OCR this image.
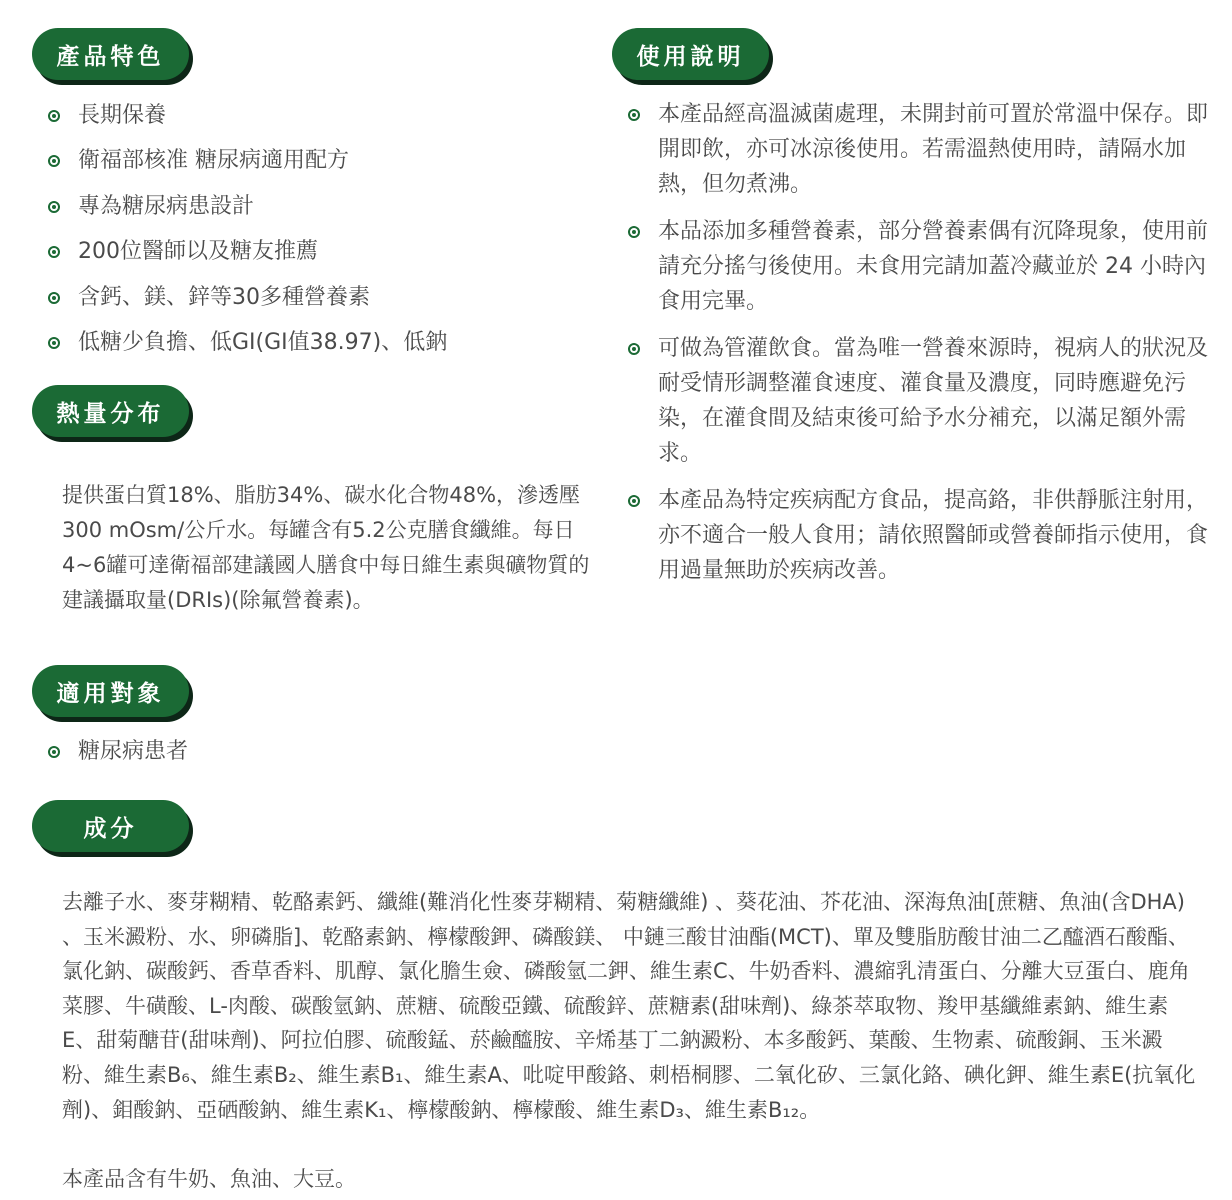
產品特色
長期保養
衛福部核准 糖尿病適用配方
專為糖尿病患設計
200位醫師以及糖友推薦
含鈣、鎂、鋅等30多種營養素
低糖少負擔、低GI(GI值38.97)、低鈉
使用說明
本產品經高溫滅菌處理，未開封前可置於常溫中保存。即開即飲，亦可冰涼後使用。若需溫熱使用時，請隔水加熱，但勿煮沸。
本品添加多種營養素，部分營養素偶有沉降現象，使用前請充分搖勻後使用。未食用完請加蓋冷藏並於 24 小時內食用完畢。
可做為管灌飲食。當為唯一營養來源時，視病人的狀況及耐受情形調整灌食速度、灌食量及濃度，同時應避免污染，在灌食間及結束後可給予水分補充，以滿足額外需求。
本產品為特定疾病配方食品，提高鉻，非供靜脈注射用，亦不適合一般人食用；請依照醫師或營養師指示使用，食用過量無助於疾病改善。
熱量分布

提供蛋白質18%、脂肪34%、碳水化合物48%，滲透壓300 mOsm/公斤水。每罐含有5.2公克膳食纖維。每日4~6罐可達衛福部建議國人膳食中每日維生素與礦物質的建議攝取量(DRIs)(除氟營養素)。

適用對象
糖尿病患者
成分

去離子水、麥芽糊精、乾酪素鈣、纖維(難消化性麥芽糊精、菊糖纖維) 、葵花油、芥花油、深海魚油[蔗糖、魚油(含DHA) 、玉米澱粉、水、卵磷脂]、乾酪素鈉、檸檬酸鉀、磷酸鎂、 中鏈三酸甘油酯(MCT)、單及雙脂肪酸甘油二乙醯酒石酸酯、氯化鈉、碳酸鈣、香草香料、肌醇、氯化膽生僉、磷酸氫二鉀、維生素C、牛奶香料、濃縮乳清蛋白、分離大豆蛋白、鹿角菜膠、牛磺酸、L-肉酸、碳酸氫鈉、蔗糖、硫酸亞鐵、硫酸鋅、蔗糖素(甜味劑)、綠茶萃取物、羧甲基纖維素鈉、維生素E、甜菊醣苷(甜味劑)、阿拉伯膠、硫酸錳、菸鹼醯胺、辛烯基丁二鈉澱粉、本多酸鈣、葉酸、生物素、硫酸銅、玉米澱粉、維生素B₆、維生素B₂、維生素B₁、維生素A、吡啶甲酸鉻、刺梧桐膠、二氧化矽、三氯化鉻、碘化鉀、維生素E(抗氧化劑)、鉬酸鈉、亞硒酸鈉、維生素K₁、檸檬酸鈉、檸檬酸、維生素D₃、維生素B₁₂。

本產品含有牛奶、魚油、大豆。
